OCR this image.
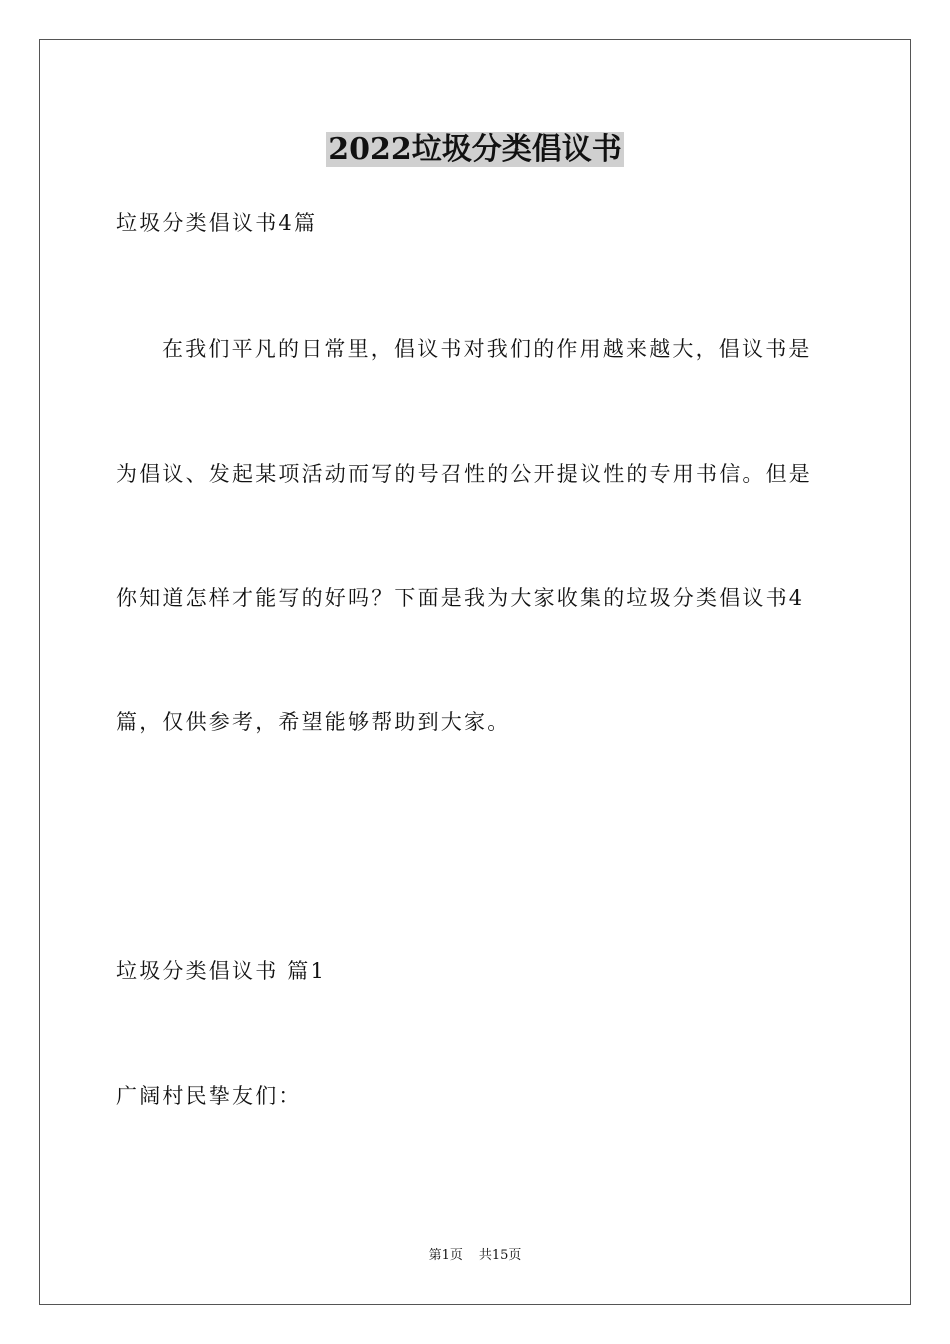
2022垃圾分类倡议书
垃圾分类倡议书4篇
在我们平凡的日常里，倡议书对我们的作用越来越大，倡议书是
为倡议、发起某项活动而写的号召性的公开提议性的专用书信。但是
你知道怎样才能写的好吗？下面是我为大家收集的垃圾分类倡议书4
篇，仅供参考，希望能够帮助到大家。
垃圾分类倡议书 篇1
广阔村民挚友们：
第1页 共15页
